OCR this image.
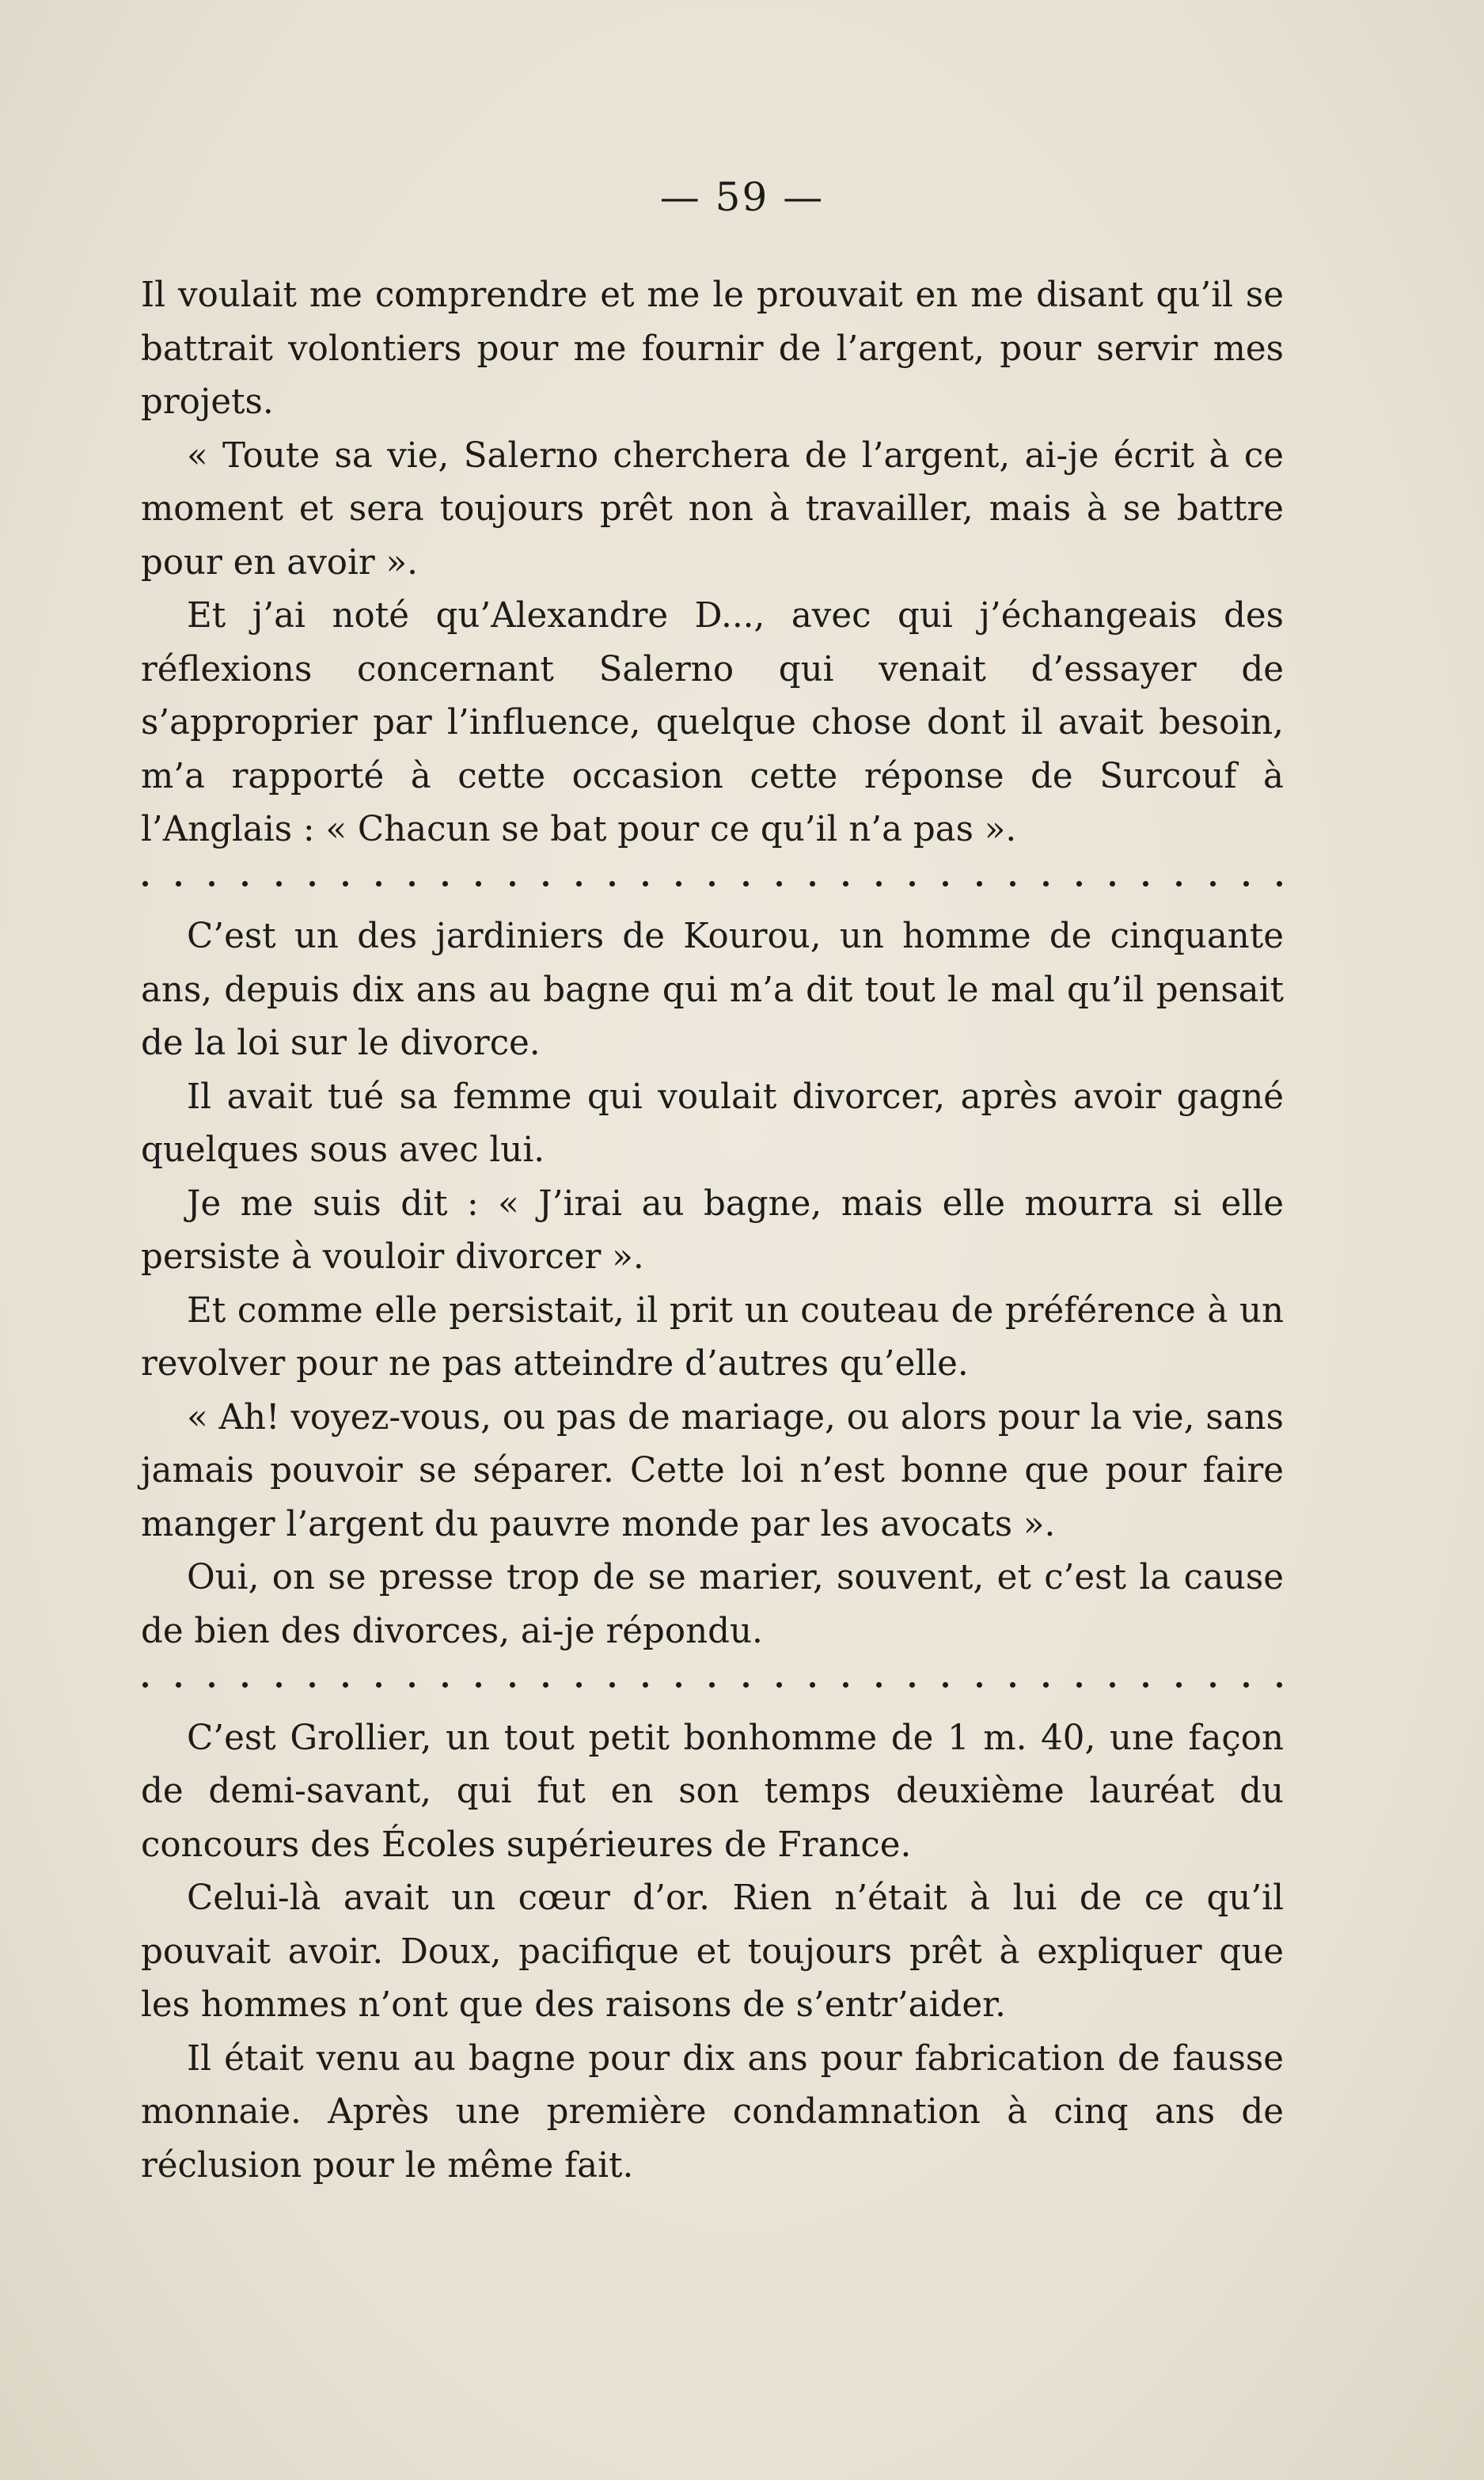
— 59 —

Il voulait me comprendre et me le prouvait en me disant qu’il se battrait volontiers pour me fournir de l’argent, pour servir mes projets.

« Toute sa vie, Salerno cherchera de l’argent, ai-je écrit à ce moment et sera toujours prêt non à travailler, mais à se battre pour en avoir ».

Et j’ai noté qu’Alexandre D..., avec qui j’échangeais des réflexions concernant Salerno qui venait d’essayer de s’approprier par l’influence, quelque chose dont il avait besoin, m’a rapporté à cette occasion cette réponse de Surcouf à l’Anglais : « Chacun se bat pour ce qu’il n’a pas ».

C’est un des jardiniers de Kourou, un homme de cinquante ans, depuis dix ans au bagne qui m’a dit tout le mal qu’il pensait de la loi sur le divorce.

Il avait tué sa femme qui voulait divorcer, après avoir gagné quelques sous avec lui.

Je me suis dit : « J’irai au bagne, mais elle mourra si elle persiste à vouloir divorcer ».

Et comme elle persistait, il prit un couteau de préférence à un revolver pour ne pas atteindre d’autres qu’elle.

« Ah! voyez-vous, ou pas de mariage, ou alors pour la vie, sans jamais pouvoir se séparer. Cette loi n’est bonne que pour faire manger l’argent du pauvre monde par les avocats ».

Oui, on se presse trop de se marier, souvent, et c’est la cause de bien des divorces, ai-je répondu.

C’est Grollier, un tout petit bonhomme de 1 m. 40, une façon de demi-savant, qui fut en son temps deuxième lauréat du concours des Écoles supérieures de France.

Celui-là avait un cœur d’or. Rien n’était à lui de ce qu’il pouvait avoir. Doux, pacifique et toujours prêt à expliquer que les hommes n’ont que des raisons de s’entr’aider.

Il était venu au bagne pour dix ans pour fabrication de fausse monnaie. Après une première condamnation à cinq ans de réclusion pour le même fait.
